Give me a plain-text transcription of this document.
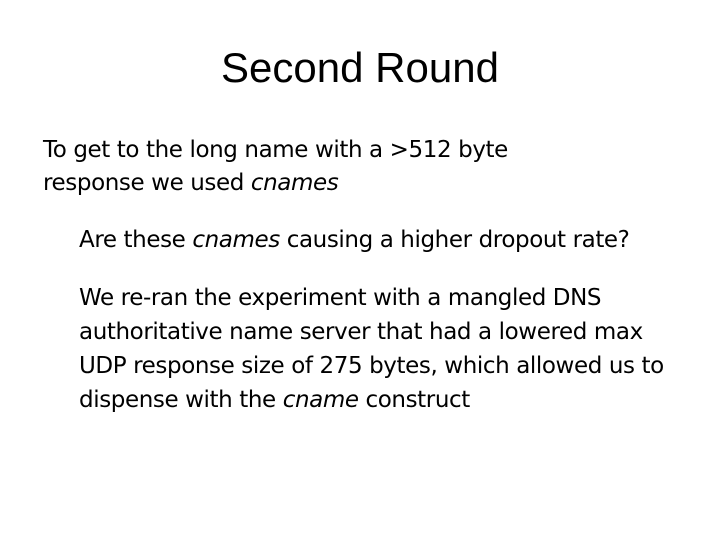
Second Round

To get to the long name with a >512 byte
response we used cnames

Are these cnames causing a higher dropout rate?

We re-ran the experiment with a mangled DNS
authoritative name server that had a lowered max
UDP response size of 275 bytes, which allowed us to
dispense with the cname construct
